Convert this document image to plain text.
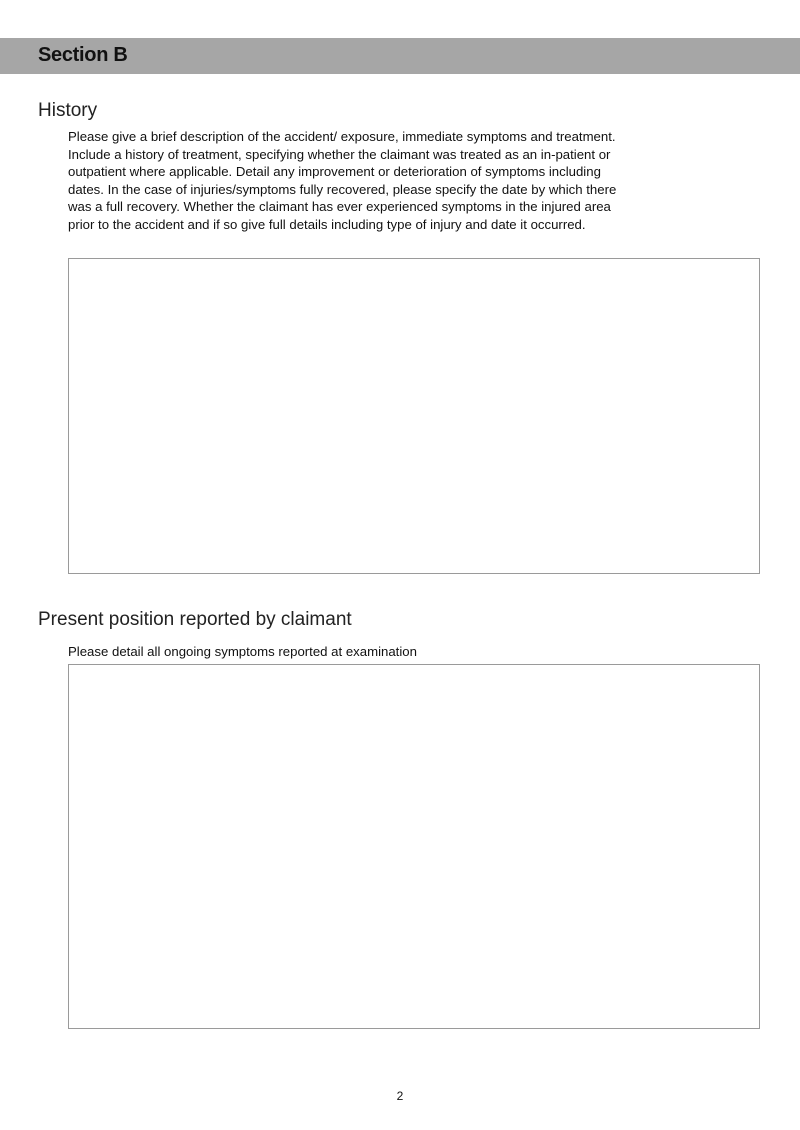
Section B
History

Please give a brief description of the accident/ exposure, immediate symptoms and treatment. Include a history of treatment, specifying whether the claimant was treated as an in-patient or outpatient where applicable. Detail any improvement or deterioration of symptoms including dates. In the case of injuries/symptoms fully recovered, please specify the date by which there was a full recovery. Whether the claimant has ever experienced symptoms in the injured area prior to the accident and if so give full details including type of injury and date it occurred.

Present position reported by claimant

Please detail all ongoing symptoms reported at examination

2
